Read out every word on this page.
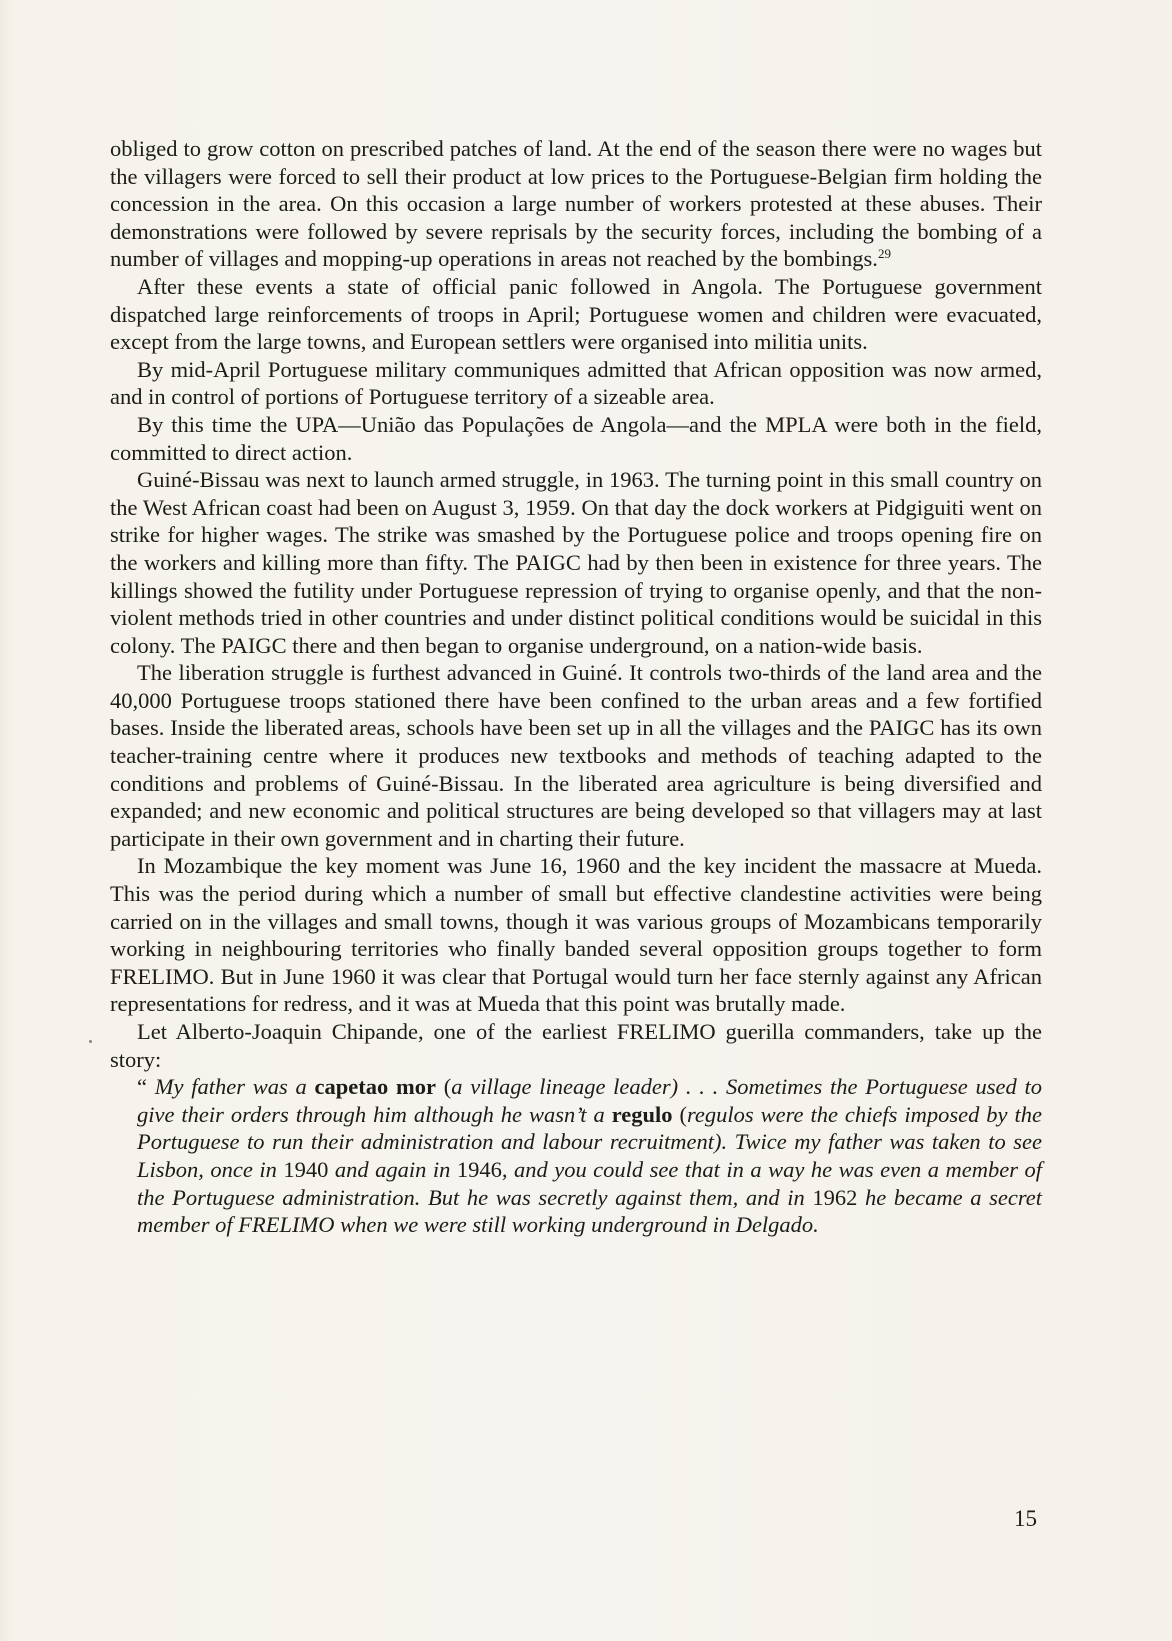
obliged to grow cotton on prescribed patches of land. At the end of the season there were no wages but the villagers were forced to sell their product at low prices to the Portuguese-Belgian firm holding the concession in the area. On this occasion a large number of workers protested at these abuses. Their demonstrations were followed by severe reprisals by the security forces, including the bombing of a number of villages and mopping-up operations in areas not reached by the bombings.$^{29}$

After these events a state of official panic followed in Angola. The Portuguese government dispatched large reinforcements of troops in April; Portuguese women and children were evacuated, except from the large towns, and European settlers were organised into militia units.

By mid-April Portuguese military communiques admitted that African opposition was now armed, and in control of portions of Portuguese territory of a sizeable area.

By this time the UPA—União das Populações de Angola—and the MPLA were both in the field, committed to direct action.

Guiné-Bissau was next to launch armed struggle, in 1963. The turning point in this small country on the West African coast had been on August 3, 1959. On that day the dock workers at Pidgiguiti went on strike for higher wages. The strike was smashed by the Portuguese police and troops opening fire on the workers and killing more than fifty. The PAIGC had by then been in existence for three years. The killings showed the futility under Portuguese repression of trying to organise openly, and that the non-violent methods tried in other countries and under distinct political conditions would be suicidal in this colony. The PAIGC there and then began to organise underground, on a nation-wide basis.

The liberation struggle is furthest advanced in Guiné. It controls two-thirds of the land area and the 40,000 Portuguese troops stationed there have been confined to the urban areas and a few fortified bases. Inside the liberated areas, schools have been set up in all the villages and the PAIGC has its own teacher-training centre where it produces new textbooks and methods of teaching adapted to the conditions and problems of Guiné-Bissau. In the liberated area agriculture is being diversified and expanded; and new economic and political structures are being developed so that villagers may at last participate in their own government and in charting their future.

In Mozambique the key moment was June 16, 1960 and the key incident the massacre at Mueda. This was the period during which a number of small but effective clandestine activities were being carried on in the villages and small towns, though it was various groups of Mozambicans temporarily working in neighbouring territories who finally banded several opposition groups together to form FRELIMO. But in June 1960 it was clear that Portugal would turn her face sternly against any African representations for redress, and it was at Mueda that this point was brutally made.

Let Alberto-Joaquin Chipande, one of the earliest FRELIMO guerilla commanders, take up the story:

“ My father was a capetao mor (a village lineage leader) . . . Sometimes the Portuguese used to give their orders through him although he wasn’t a regulo (regulos were the chiefs imposed by the Portuguese to run their administration and labour recruitment). Twice my father was taken to see Lisbon, once in 1940 and again in 1946, and you could see that in a way he was even a member of the Portuguese administration. But he was secretly against them, and in 1962 he became a secret member of FRELIMO when we were still working underground in Delgado.

15
